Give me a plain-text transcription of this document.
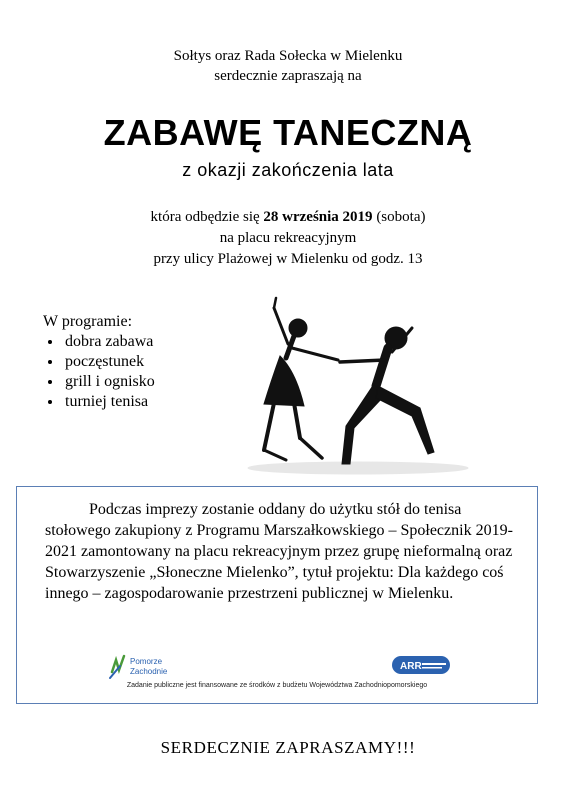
Sołtys oraz Rada Sołecka w Mielenku
serdecznie zapraszają na
ZABAWĘ TANECZNĄ
z okazji zakończenia lata
która odbędzie się 28 września 2019 (sobota)
na placu rekreacyjnym
przy ulicy Plażowej w Mielenku od godz. 13
W programie:
• dobra zabawa
• poczęstunek
• grill i ognisko
• turniej tenisa
Podczas imprezy zostanie oddany do użytku stół do tenisa stołowego zakupiony z Programu Marszałkowskiego – Społecznik 2019-2021 zamontowany na placu rekreacyjnym przez grupę nieformalną oraz Stowarzyszenie „Słoneczne Mielenko”, tytuł projektu: Dla każdego coś innego – zagospodarowanie przestrzeni publicznej w Mielenku.
Pomorze
Zachodnie	ARR
Zadanie publiczne jest finansowane ze środków z budżetu Województwa Zachodniopomorskiego
SERDECZNIE ZAPRASZAMY!!!
